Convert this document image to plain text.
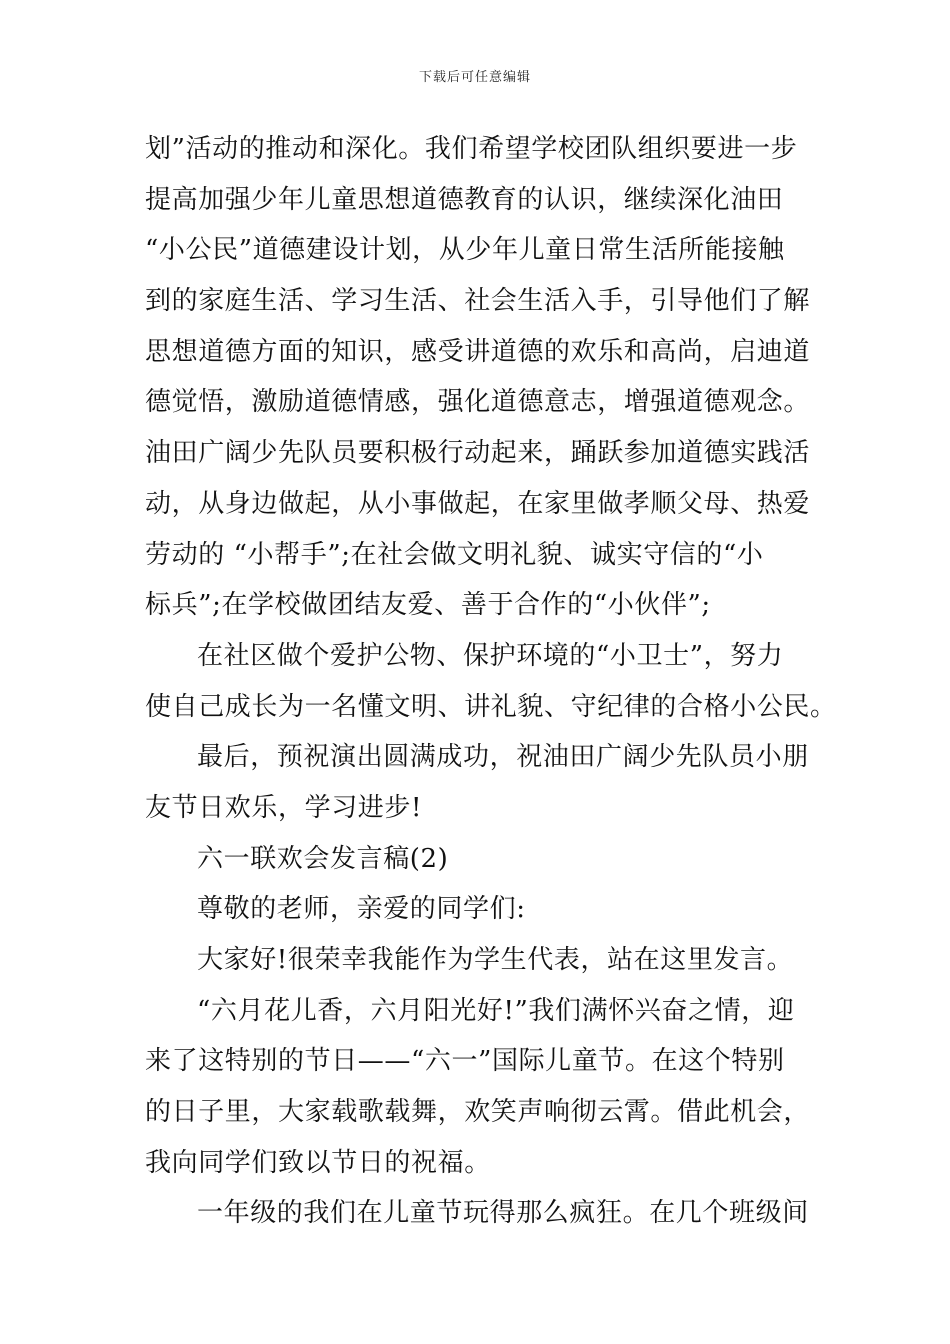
下载后可任意编辑
划”活动的推动和深化。我们希望学校团队组织要进一步
提高加强少年儿童思想道德教育的认识，继续深化油田
“小公民”道德建设计划，从少年儿童日常生活所能接触
到的家庭生活、学习生活、社会生活入手，引导他们了解
思想道德方面的知识，感受讲道德的欢乐和高尚，启迪道
德觉悟，激励道德情感，强化道德意志，增强道德观念。
油田广阔少先队员要积极行动起来，踊跃参加道德实践活
动，从身边做起，从小事做起，在家里做孝顺父母、热爱
劳动的 “小帮手”;在社会做文明礼貌、诚实守信的“小
标兵”;在学校做团结友爱、善于合作的“小伙伴”;
在社区做个爱护公物、保护环境的“小卫士”，努力
使自己成长为一名懂文明、讲礼貌、守纪律的合格小公民。
最后，预祝演出圆满成功，祝油田广阔少先队员小朋
友节日欢乐，学习进步!
六一联欢会发言稿(2)
尊敬的老师，亲爱的同学们:
大家好!很荣幸我能作为学生代表，站在这里发言。
“六月花儿香，六月阳光好!”我们满怀兴奋之情，迎
来了这特别的节日——“六一”国际儿童节。在这个特别
的日子里，大家载歌载舞，欢笑声响彻云霄。借此机会，
我向同学们致以节日的祝福。
一年级的我们在儿童节玩得那么疯狂。在几个班级间
